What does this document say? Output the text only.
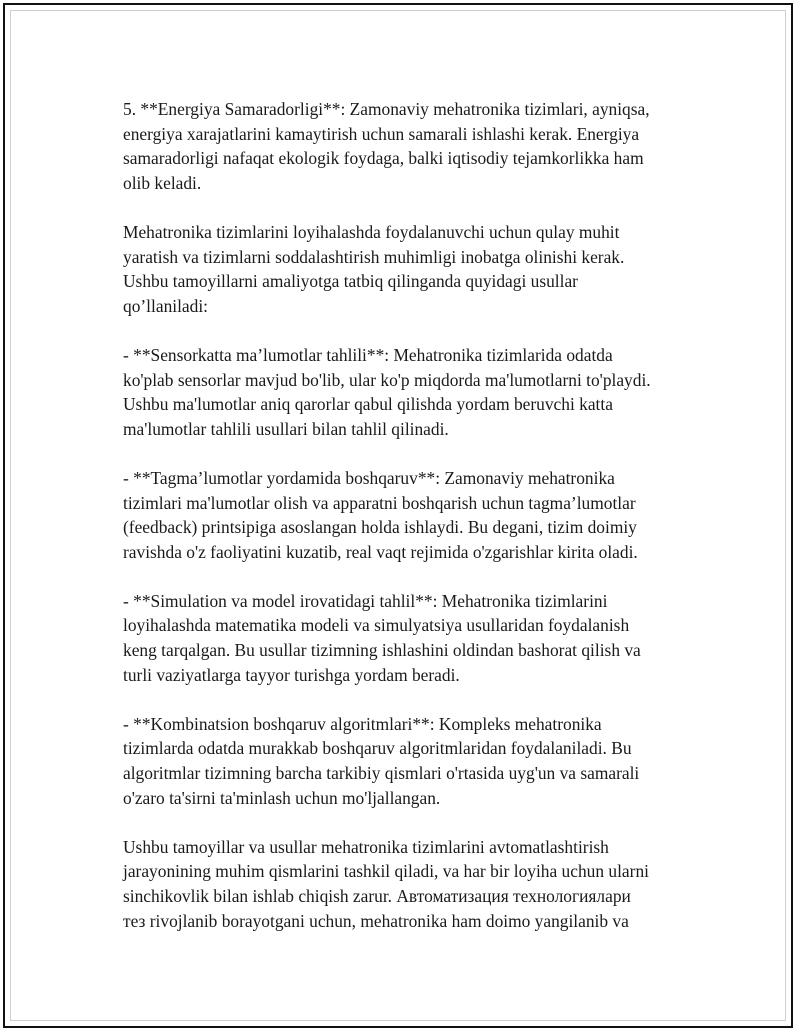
5. **Energiya Samaradorligi**: Zamonaviy mehatronika tizimlari, ayniqsa,
energiya xarajatlarini kamaytirish uchun samarali ishlashi kerak. Energiya
samaradorligi nafaqat ekologik foydaga, balki iqtisodiy tejamkorlikka ham
olib keladi.

Mehatronika tizimlarini loyihalashda foydalanuvchi uchun qulay muhit
yaratish va tizimlarni soddalashtirish muhimligi inobatga olinishi kerak.
Ushbu tamoyillarni amaliyotga tatbiq qilinganda quyidagi usullar
qo’llaniladi:

- **Sensorkatta ma’lumotlar tahlili**: Mehatronika tizimlarida odatda
ko'plab sensorlar mavjud bo'lib, ular ko'p miqdorda ma'lumotlarni to'playdi.
Ushbu ma'lumotlar aniq qarorlar qabul qilishda yordam beruvchi katta
ma'lumotlar tahlili usullari bilan tahlil qilinadi.

- **Tagma’lumotlar yordamida boshqaruv**: Zamonaviy mehatronika
tizimlari ma'lumotlar olish va apparatni boshqarish uchun tagma’lumotlar
(feedback) printsipiga asoslangan holda ishlaydi. Bu degani, tizim doimiy
ravishda o'z faoliyatini kuzatib, real vaqt rejimida o'zgarishlar kirita oladi.

- **Simulation va model irovatidagi tahlil**: Mehatronika tizimlarini
loyihalashda matematika modeli va simulyatsiya usullaridan foydalanish
keng tarqalgan. Bu usullar tizimning ishlashini oldindan bashorat qilish va
turli vaziyatlarga tayyor turishga yordam beradi.

- **Kombinatsion boshqaruv algoritmlari**: Kompleks mehatronika
tizimlarda odatda murakkab boshqaruv algoritmlaridan foydalaniladi. Bu
algoritmlar tizimning barcha tarkibiy qismlari o'rtasida uyg'un va samarali
o'zaro ta'sirni ta'minlash uchun mo'ljallangan.

Ushbu tamoyillar va usullar mehatronika tizimlarini avtomatlashtirish
jarayonining muhim qismlarini tashkil qiladi, va har bir loyiha uchun ularni
sinchikovlik bilan ishlab chiqish zarur. Автоматизация технологиялари
тез rivojlanib borayotgani uchun, mehatronika ham doimo yangilanib va
